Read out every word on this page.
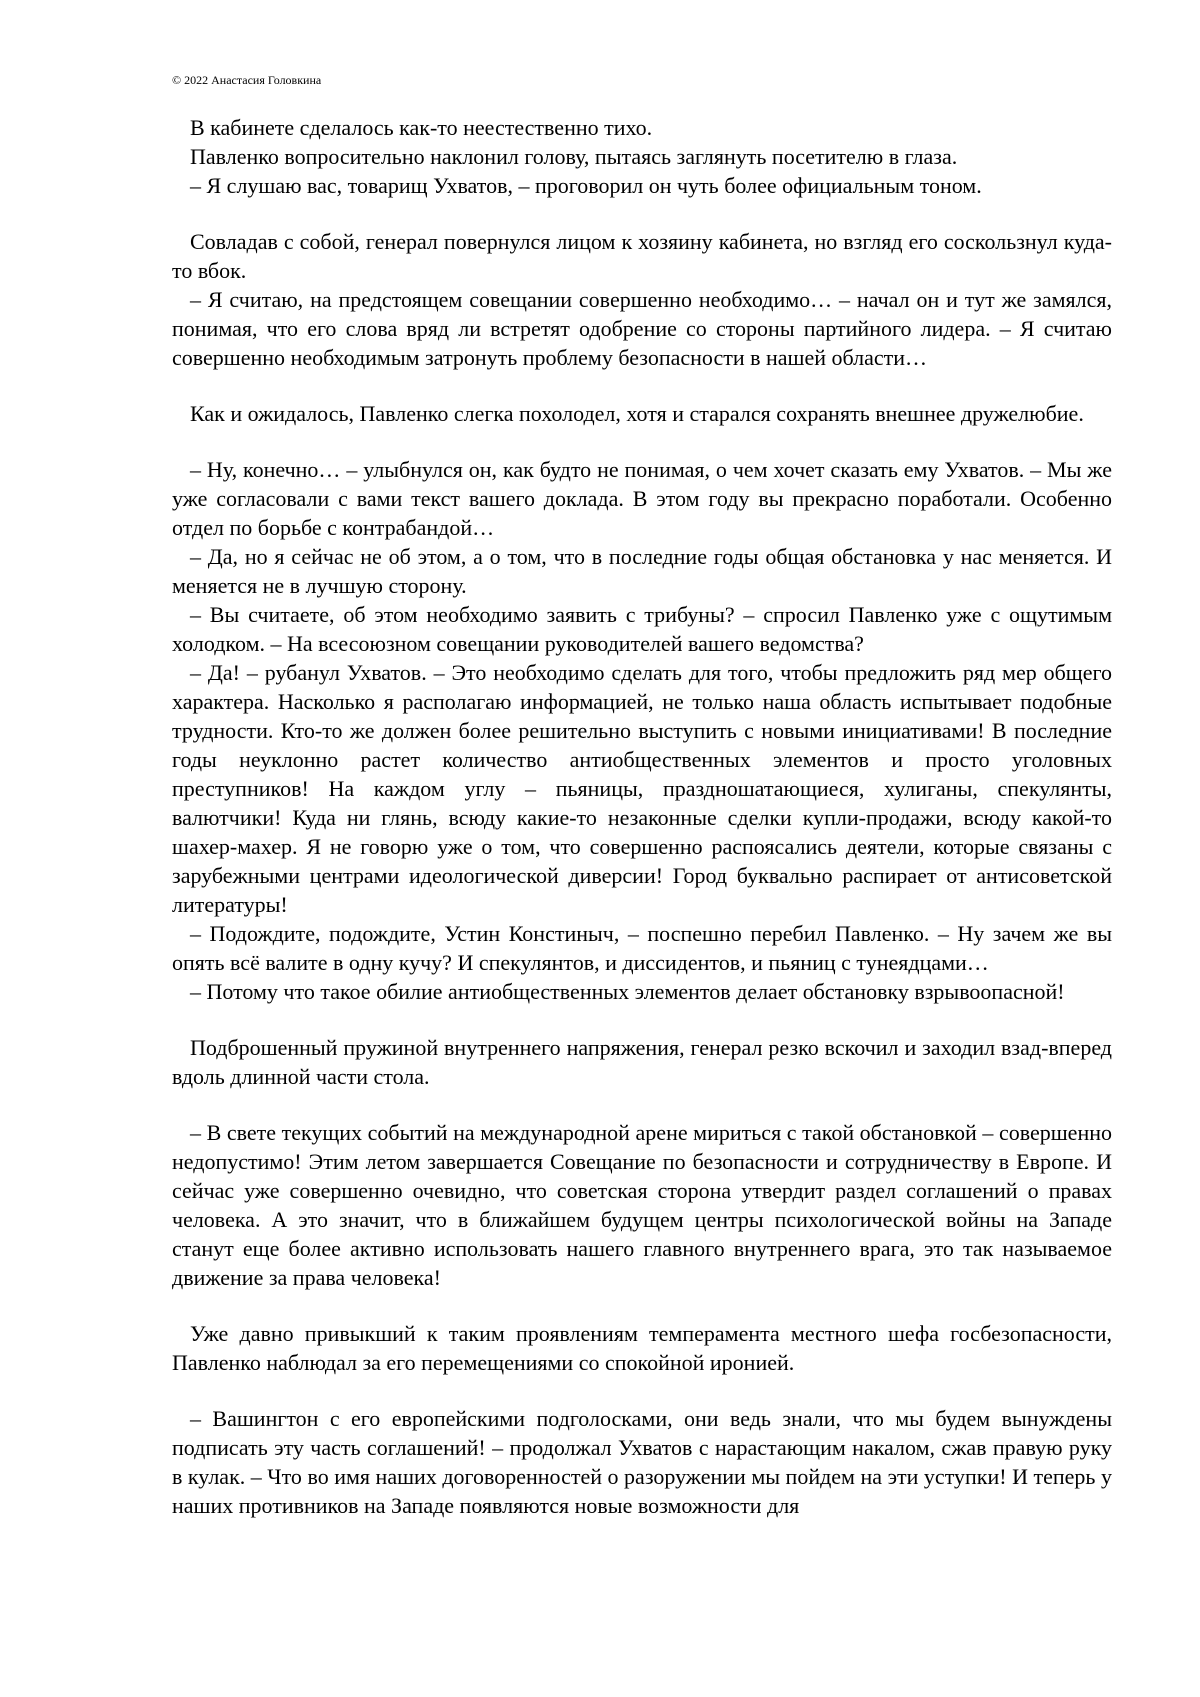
© 2022 Анастасия Головкина

В кабинете сделалось как-то неестественно тихо.

Павленко вопросительно наклонил голову, пытаясь заглянуть посетителю в глаза.

– Я слушаю вас, товарищ Ухватов, – проговорил он чуть более официальным тоном.

Совладав с собой, генерал повернулся лицом к хозяину кабинета, но взгляд его соскользнул куда-то вбок.

– Я считаю, на предстоящем совещании совершенно необходимо… – начал он и тут же замялся, понимая, что его слова вряд ли встретят одобрение со стороны партийного лидера. – Я считаю совершенно необходимым затронуть проблему безопасности в нашей области…

Как и ожидалось, Павленко слегка похолодел, хотя и старался сохранять внешнее дружелюбие.

– Ну, конечно… – улыбнулся он, как будто не понимая, о чем хочет сказать ему Ухватов. – Мы же уже согласовали с вами текст вашего доклада. В этом году вы прекрасно поработали. Особенно отдел по борьбе с контрабандой…

– Да, но я сейчас не об этом, а о том, что в последние годы общая обстановка у нас меняется. И меняется не в лучшую сторону.

– Вы считаете, об этом необходимо заявить с трибуны? – спросил Павленко уже с ощутимым холодком. – На всесоюзном совещании руководителей вашего ведомства?

– Да! – рубанул Ухватов. – Это необходимо сделать для того, чтобы предложить ряд мер общего характера. Насколько я располагаю информацией, не только наша область испытывает подобные трудности. Кто-то же должен более решительно выступить с новыми инициативами! В последние годы неуклонно растет количество антиобщественных элементов и просто уголовных преступников! На каждом углу – пьяницы, праздношатающиеся, хулиганы, спекулянты, валютчики! Куда ни глянь, всюду какие-то незаконные сделки купли-продажи, всюду какой-то шахер-махер. Я не говорю уже о том, что совершенно распоясались деятели, которые связаны с зарубежными центрами идеологической диверсии! Город буквально распирает от антисоветской литературы!

– Подождите, подождите, Устин Констиныч, – поспешно перебил Павленко. – Ну зачем же вы опять всё валите в одну кучу? И спекулянтов, и диссидентов, и пьяниц с тунеядцами…

– Потому что такое обилие антиобщественных элементов делает обстановку взрывоопасной!

Подброшенный пружиной внутреннего напряжения, генерал резко вскочил и заходил взад-вперед вдоль длинной части стола.

– В свете текущих событий на международной арене мириться с такой обстановкой – совершенно недопустимо! Этим летом завершается Совещание по безопасности и сотрудничеству в Европе. И сейчас уже совершенно очевидно, что советская сторона утвердит раздел соглашений о правах человека. А это значит, что в ближайшем будущем центры психологической войны на Западе станут еще более активно использовать нашего главного внутреннего врага, это так называемое движение за права человека!

Уже давно привыкший к таким проявлениям темперамента местного шефа госбезопасности, Павленко наблюдал за его перемещениями со спокойной иронией.

– Вашингтон с его европейскими подголосками, они ведь знали, что мы будем вынуждены подписать эту часть соглашений! – продолжал Ухватов с нарастающим накалом, сжав правую руку в кулак. – Что во имя наших договоренностей о разоружении мы пойдем на эти уступки! И теперь у наших противников на Западе появляются новые возможности для
